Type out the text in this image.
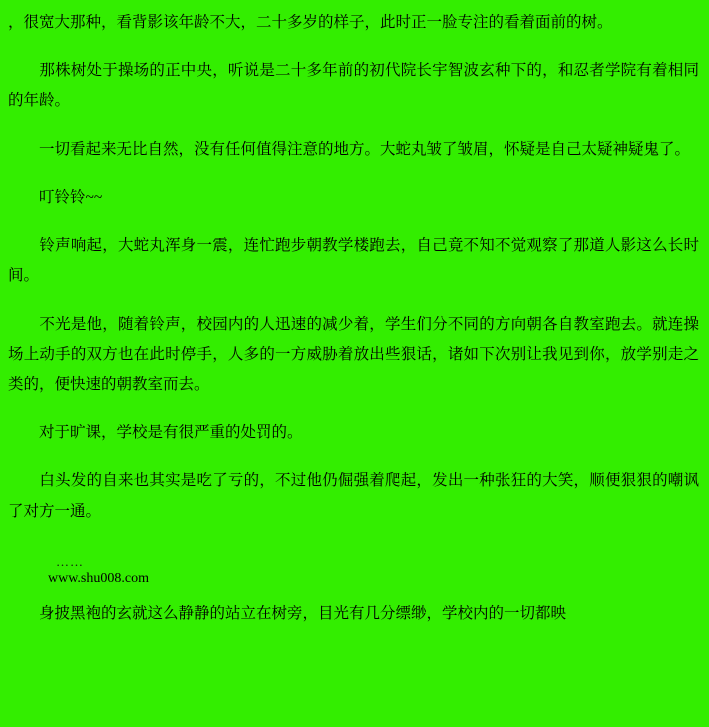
，很宽大那种，看背影该年龄不大，二十多岁的样子，此时正一脸专注的看着面前的树。

　　那株树处于操场的正中央，听说是二十多年前的初代院长宇智波玄种下的，和忍者学院有着相同的年龄。

　　一切看起来无比自然，没有任何值得注意的地方。大蛇丸皱了皱眉，怀疑是自己太疑神疑鬼了。

　　叮铃铃~~

　　铃声响起，大蛇丸浑身一震，连忙跑步朝教学楼跑去，自己竟不知不觉观察了那道人影这么长时间。

　　不光是他，随着铃声，校园内的人迅速的减少着，学生们分不同的方向朝各自教室跑去。就连操场上动手的双方也在此时停手，人多的一方威胁着放出些狠话，诸如下次别让我见到你，放学别走之类的，便快速的朝教室而去。

　　对于旷课，学校是有很严重的处罚的。

　　白头发的自来也其实是吃了亏的，不过他仍倔强着爬起，发出一种张狂的大笑，顺便狠狠的嘲讽了对方一通。

……
www.shu008.com

　　身披黑袍的玄就这么静静的站立在树旁，目光有几分缥缈，学校内的一切都映
